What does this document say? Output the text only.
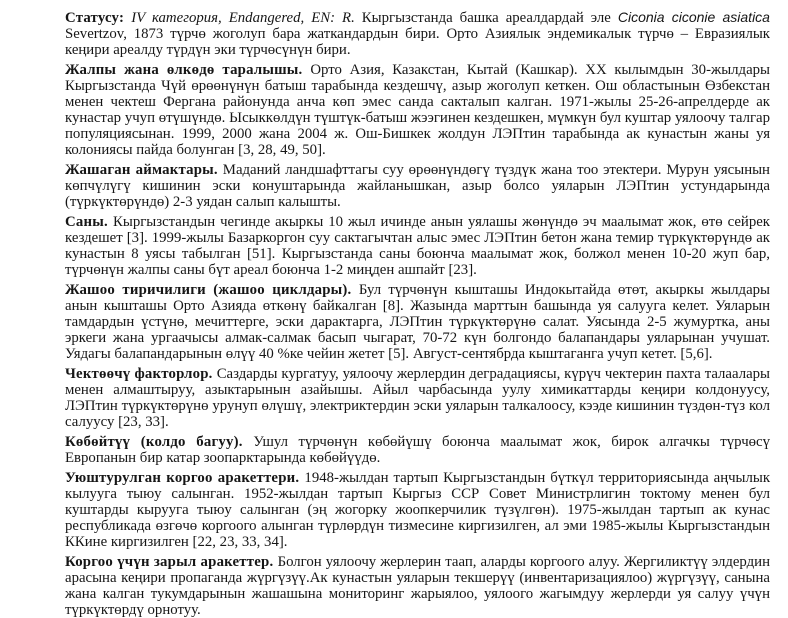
Статусу: IV категория, Endangered, EN: R. Кыргызстанда башка ареалдардай эле Ciconia ciconie asiatica Severtzov, 1873 түрчө жоголуп бара жаткандардын бири. Орто Азиялык эндемикалык түрчө – Евразиялык кеңири ареалду түрдүн эки түрчөсүнүн бири.

Жалпы жана өлкөдө таралышы. Орто Азия, Казакстан, Кытай (Кашкар). XX кылымдын 30-жылдары Кыргызстанда Чүй өрөөнүнүн батыш тарабында кездешчү, азыр жоголуп кеткен. Ош областынын Өзбекстан менен чектеш Фергана районунда анча көп эмес санда сакталып калган. 1971-жылы 25-26-апрелдерде ак кунастар учуп өтүшүндө. Ысыккөлдүн түштүк-батыш жээгинен кездешкен, мүмкүн бул куштар уялоочу талгар популяциясынан. 1999, 2000 жана 2004 ж. Ош-Бишкек жолдун ЛЭПтин тарабында ак кунастын жаны уя колониясы пайда болунган [3, 28, 49, 50].

Жашаган аймактары. Маданий ландшафттагы суу өрөөнүндөгү түздүк жана тоо этектери. Мурун уясынын көпчүлүгү кишинин эски конуштарында жайланышкан, азыр болсо уяларын ЛЭПтин устундарында (түркүктөрүндө) 2-3 уядан салып калышты.

Саны. Кыргызстандын чегинде акыркы 10 жыл ичинде анын уялашы жөнүндө эч маалымат жок, өтө сейрек кездешет [3]. 1999-жылы Базаркоргон суу сактагычтан алыс эмес ЛЭПтин бетон жана темир түркүктөрүндө ак кунастын 8 уясы табылган [51]. Кыргызстанда саны боюнча маалымат жок, болжол менен 10-20 жуп бар, түрчөнүн жалпы саны бүт ареал боюнча 1-2 миңден ашпайт [23].

Жашоо тиричилиги (жашоо циклдары). Бул түрчөнүн кышташы Индокытайда өтөт, акыркы жылдары анын кышташы Орто Азияда өткөнү байкалган [8]. Жазында марттын башында уя салууга келет. Уяларын тамдардын үстүнө, мечиттерге, эски дарактарга, ЛЭПтин түркүктөрүнө салат. Уясында 2-5 жумуртка, аны эркеги жана ургаачысы алмак-салмак басып чыгарат, 70-72 күн болгондо балапандары уяларынан учушат. Уядагы балапандарынын өлүү 40 %ке чейин жетет [5]. Август-сентябрда кыштаганга учуп кетет. [5,6].

Чектөөчү факторлор. Саздарды кургатуу, уялоочу жерлердин деградациясы, күрүч чектерин пахта талаалары менен алмаштыруу, азыктарынын азайышы. Айыл чарбасында уулу химикаттарды кеңири колдонуусу, ЛЭПтин түркүктөрүнө урунуп өлүшү, электриктердин эски уяларын талкалоосу, кээде кишинин түздөн-түз кол салуусу [23, 33].

Көбөйтүү (колдо багуу). Ушул түрчөнүн көбөйүшү боюнча маалымат жок, бирок алгачкы түрчөсү Европанын бир катар зоопарктарында көбөйүүдө.

Уюштурулган коргоо аракеттери. 1948-жылдан тартып Кыргызстандын бүткүл территориясында аңчылык кылууга тыюу салынган. 1952-жылдан тартып Кыргыз ССР Совет Министрлигин токтому менен бул куштарды кырууга тыюу салынган (эң жогорку жоопкерчилик түзүлгөн). 1975-жылдан тартып ак кунас республикада өзгөчө коргоого алынган түрлөрдүн тизмесине киргизилген, ал эми 1985-жылы Кыргызстандын ККине киргизилген [22, 23, 33, 34].

Коргоо үчүн зарыл аракеттер. Болгон уялоочу жерлерин таап, аларды коргоого алуу. Жергиликтүү элдердин арасына кеңири пропаганда жүргүзүү.Ак кунастын уяларын текшерүү (инвентаризациялоо) жүргүзүү, санына жана калган тукумдарынын жашашына мониторинг жарыялоо, уялоого жагымдуу жерлерди уя салуу үчүн түркүктөрдү орнотуу.
